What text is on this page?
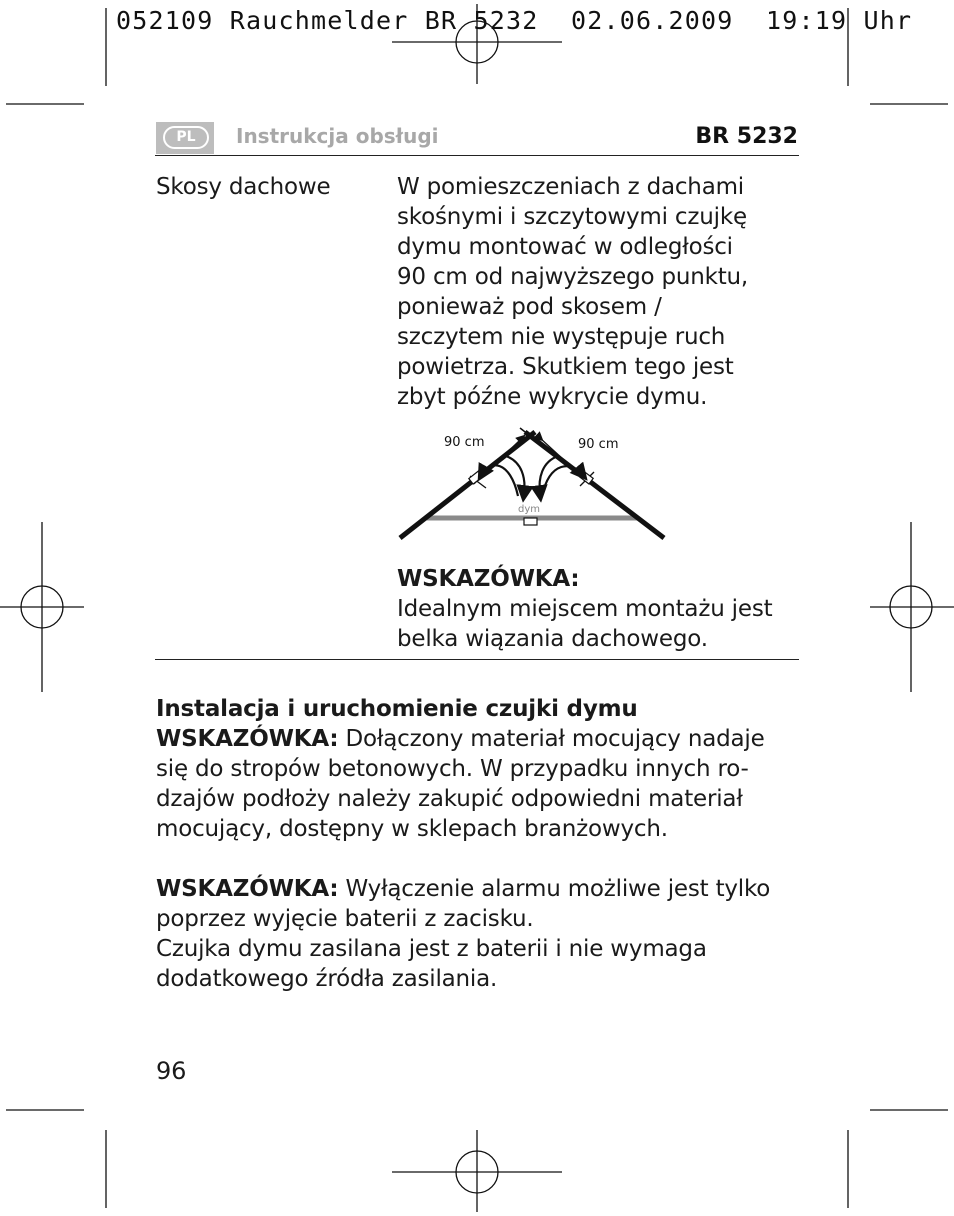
052109 Rauchmelder BR 5232  02.06.2009  19:19 Uhr
PL	Instrukcja obsługi	BR 5232
Skosy dachowe	W pomieszczeniach z dachami
skośnymi i szczytowymi czujkę
dymu montować w odległości
90 cm od najwyższego punktu,
ponieważ pod skosem /
szczytem nie występuje ruch
powietrza. Skutkiem tego jest
zbyt późne wykrycie dymu.
90 cm	90 cm
dym
WSKAZÓWKA:
Idealnym miejscem montażu jest
belka wiązania dachowego.
Instalacja i uruchomienie czujki dymu
WSKAZÓWKA: Dołączony materiał mocujący nadaje
się do stropów betonowych. W przypadku innych ro-
dzajów podłoży należy zakupić odpowiedni materiał
mocujący, dostępny w sklepach branżowych.
WSKAZÓWKA: Wyłączenie alarmu możliwe jest tylko
poprzez wyjęcie baterii z zacisku.
Czujka dymu zasilana jest z baterii i nie wymaga
dodatkowego źródła zasilania.
96
